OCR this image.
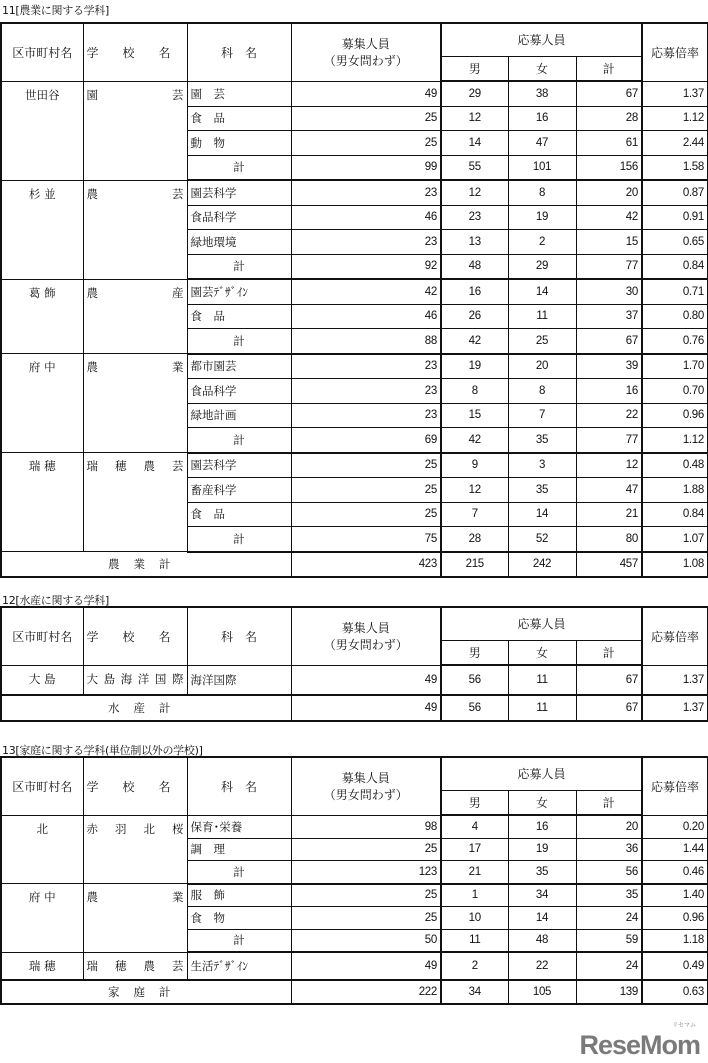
11[農業に関する学科]
区市町村名	学　　校　　名	科　名	募集人員
（男女問わず）	応募人員			応募倍率
				男	女	計	
世田谷	園芸	園　芸	49	29	38	67	1.37
		食　品	25	12	16	28	1.12
		動　物	25	14	47	61	2.44
		計	99	55	101	156	1.58
杉 並	農芸	園芸科学	23	12	8	20	0.87
		食品科学	46	23	19	42	0.91
		緑地環境	23	13	2	15	0.65
		計	92	48	29	77	0.84
葛 飾	農産	園芸ﾃﾞｻﾞｲﾝ	42	16	14	30	0.71
		食　品	46	26	11	37	0.80
		計	88	42	25	67	0.76
府 中	農業	都市園芸	23	19	20	39	1.70
		食品科学	23	8	8	16	0.70
		緑地計画	23	15	7	22	0.96
		計	69	42	35	77	1.12
瑞 穂	瑞穂農芸	園芸科学	25	9	3	12	0.48
		畜産科学	25	12	35	47	1.88
		食　品	25	7	14	21	0.84
		計	75	28	52	80	1.07
農業計			423	215	242	457	1.08
12[水産に関する学科]
区市町村名	学　　校　　名	科　名	募集人員
（男女問わず）	応募人員			応募倍率
				男	女	計	
大 島	大島海洋国際	海洋国際	49	56	11	67	1.37
水産計			49	56	11	67	1.37
13[家庭に関する学科(単位制以外の学校)]
区市町村名	学　　校　　名	科　名	募集人員
（男女問わず）	応募人員			応募倍率
				男	女	計	
北	赤羽北桜	保育･栄養	98	4	16	20	0.20
		調　理	25	17	19	36	1.44
		計	123	21	35	56	0.46
府 中	農業	服　飾	25	1	34	35	1.40
		食　物	25	10	14	24	0.96
		計	50	11	48	59	1.18
瑞 穂	瑞穂農芸	生活ﾃﾞｻﾞｲﾝ	49	2	22	24	0.49
家庭計			222	34	105	139	0.63
リセマム
ReseMom
